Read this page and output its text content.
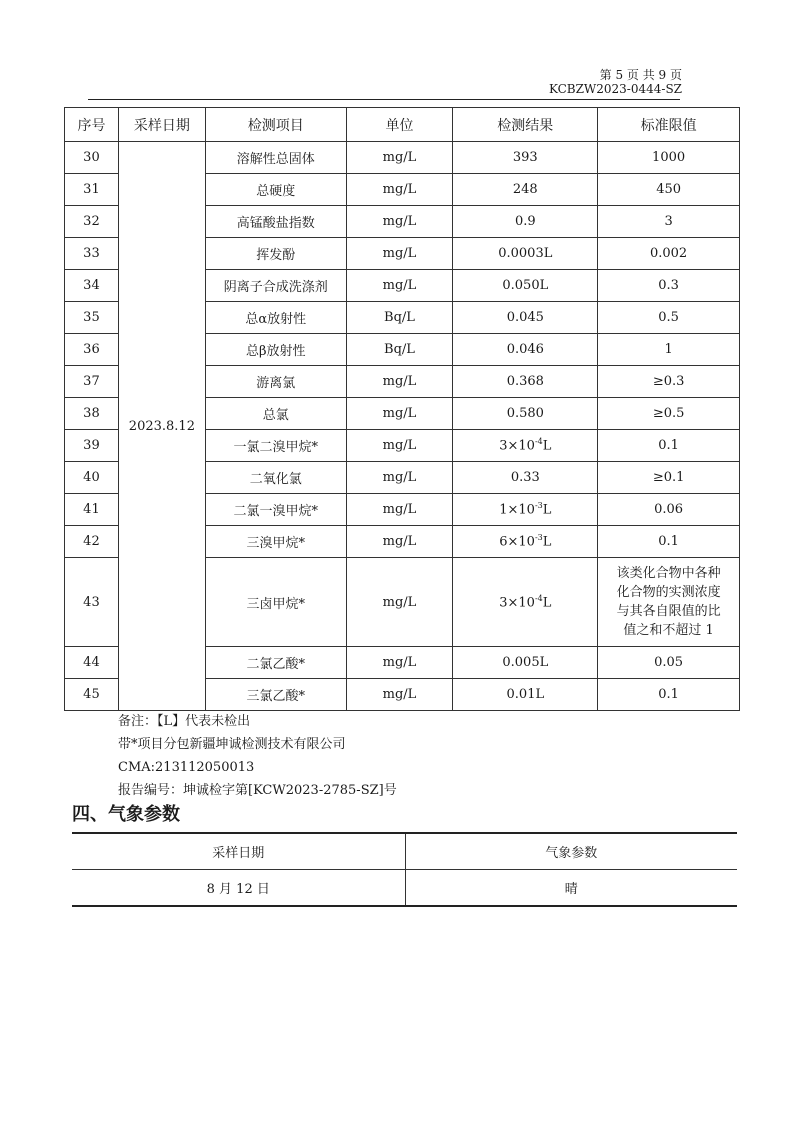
第 5 页 共 9 页
KCBZW2023-0444-SZ
序号	采样日期	检测项目	单位	检测结果	标准限值
30	2023.8.12	溶解性总固体	mg/L	393	1000
31		总硬度	mg/L	248	450
32		高锰酸盐指数	mg/L	0.9	3
33		挥发酚	mg/L	0.0003L	0.002
34		阴离子合成洗涤剂	mg/L	0.050L	0.3
35		总α放射性	Bq/L	0.045	0.5
36		总β放射性	Bq/L	0.046	1
37		游离氯	mg/L	0.368	≥0.3
38		总氯	mg/L	0.580	≥0.5
39		一氯二溴甲烷*	mg/L	$3\times 10^{-4}L$	0.1
40		二氧化氯	mg/L	0.33	≥0.1
41		二氯一溴甲烷*	mg/L	$1\times 10^{-3}L$	0.06
42		三溴甲烷*	mg/L	$6\times 10^{-3}L$	0.1
43		三卤甲烷*	mg/L	$3\times 10^{-4}L$	该类化合物中各种
化合物的实测浓度
与其各自限值的比
值之和不超过 1

44		二氯乙酸*	mg/L	0.005L	0.05
45		三氯乙酸*	mg/L	0.01L	0.1
备注：【L】代表未检出
带*项目分包新疆坤诚检测技术有限公司
CMA:213112050013
报告编号：坤诚检字第[KCW2023-2785-SZ]号
四、气象参数
采样日期	气象参数
8 月 12 日	晴
